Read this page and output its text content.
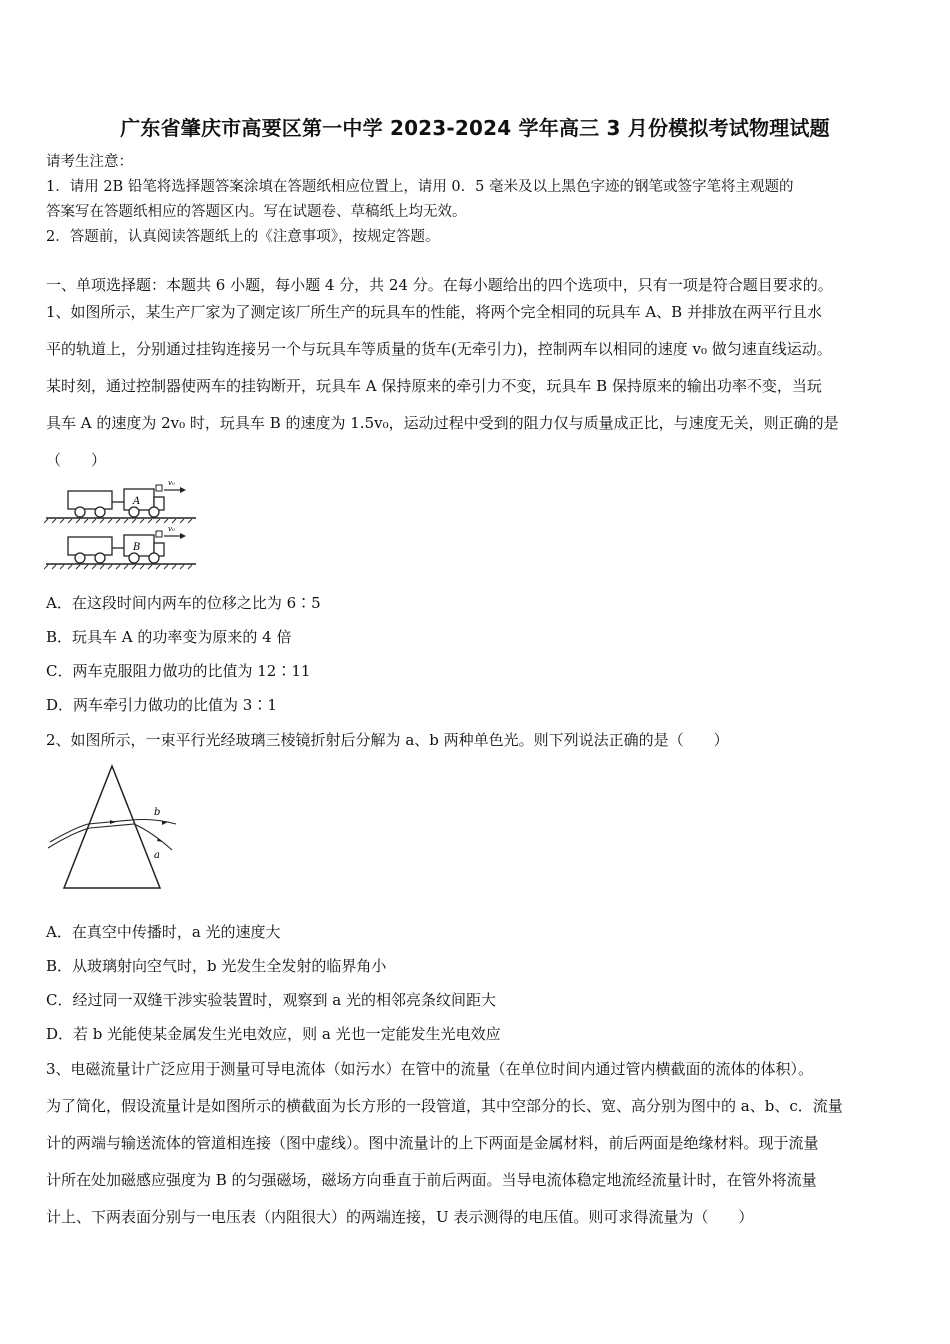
广东省肇庆市高要区第一中学 2023-2024 学年高三 3 月份模拟考试物理试题
请考生注意：
1．请用 2B 铅笔将选择题答案涂填在答题纸相应位置上，请用 0．5 毫米及以上黑色字迹的钢笔或签字笔将主观题的
答案写在答题纸相应的答题区内。写在试题卷、草稿纸上均无效。
2．答题前，认真阅读答题纸上的《注意事项》，按规定答题。
一、单项选择题：本题共 6 小题，每小题 4 分，共 24 分。在每小题给出的四个选项中，只有一项是符合题目要求的。
1、如图所示，某生产厂家为了测定该厂所生产的玩具车的性能，将两个完全相同的玩具车 A、B 并排放在两平行且水
平的轨道上，分别通过挂钩连接另一个与玩具车等质量的货车(无牵引力)，控制两车以相同的速度 v₀ 做匀速直线运动。
某时刻，通过控制器使两车的挂钩断开，玩具车 A 保持原来的牵引力不变，玩具车 B 保持原来的输出功率不变，当玩
具车 A 的速度为 2v₀ 时，玩具车 B 的速度为 1.5v₀，运动过程中受到的阻力仅与质量成正比，与速度无关，则正确的是
（　　）
A
v₀
B
v₀
A．在这段时间内两车的位移之比为 6∶5
B．玩具车 A 的功率变为原来的 4 倍
C．两车克服阻力做功的比值为 12∶11
D．两车牵引力做功的比值为 3∶1
2、如图所示，一束平行光经玻璃三棱镜折射后分解为 a、b 两种单色光。则下列说法正确的是（　　）
b
a
A．在真空中传播时，a 光的速度大
B．从玻璃射向空气时，b 光发生全发射的临界角小
C．经过同一双缝干涉实验装置时，观察到 a 光的相邻亮条纹间距大
D．若 b 光能使某金属发生光电效应，则 a 光也一定能发生光电效应
3、电磁流量计广泛应用于测量可导电流体（如污水）在管中的流量（在单位时间内通过管内横截面的流体的体积）。
为了简化，假设流量计是如图所示的横截面为长方形的一段管道，其中空部分的长、宽、高分别为图中的 a、b、c．流量
计的两端与输送流体的管道相连接（图中虚线）。图中流量计的上下两面是金属材料，前后两面是绝缘材料。现于流量
计所在处加磁感应强度为 B 的匀强磁场，磁场方向垂直于前后两面。当导电流体稳定地流经流量计时，在管外将流量
计上、下两表面分别与一电压表（内阻很大）的两端连接，U 表示测得的电压值。则可求得流量为（　　）
